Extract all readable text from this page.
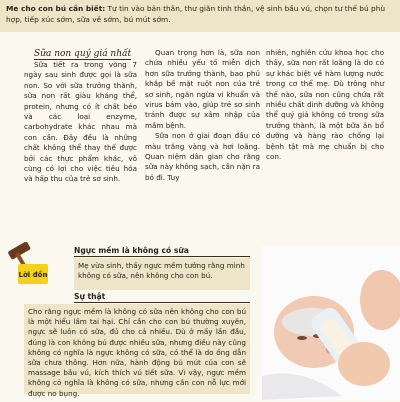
Me cho con bú cần biết: Tự tin vào bản thân, thư giãn tinh thần, vệ sinh bầu vú, chọn tư thế bú phù hợp, tiếp xúc sớm, sữa về sớm, bú mút sớm.

Sữa non quý giá nhất

Sữa tiết ra trong vòng 7 ngày sau sinh được gọi là sữa non. So với sữa trưởng thành, sữa non rất giàu kháng thể, protein, nhưng có ít chất béo và các loại enzyme, carbohydrate khác nhau mà con cần. Đây đều là những chất không thể thay thế được bởi các thực phẩm khác, vô cùng có lợi cho việc tiêu hóa và hấp thu của trẻ sơ sinh.

Quan trọng hơn là, sữa non chứa nhiều yếu tố miễn dịch hơn sữa trưởng thành, bao phủ khắp bề mặt ruột non của trẻ sơ sinh, ngăn ngừa vi khuẩn và virus bám vào, giúp trẻ sơ sinh tránh được sự xâm nhập của mầm bệnh.

Sữa non ở giai đoạn đầu có màu trắng vàng và hơi loãng. Quan niệm dân gian cho rằng sữa này không sạch, cần nặn ra bỏ đi. Tuy

nhiên, nghiên cứu khoa học cho thấy, sữa non rất loãng là do có sự khác biệt về hàm lượng nước trong cơ thể mẹ. Dù trông như thế nào, sữa non cũng chứa rất nhiều chất dinh dưỡng và không thể quý giá không có trong sữa trưởng thành, là một bữa ăn bổ dưỡng và hàng rào chống lại bệnh tật mà mẹ chuẩn bị cho con.

Lời đồn
Ngực mềm là không có sữa

Mẹ vừa sinh, thấy ngực mềm tưởng rằng mình không có sữa, nên không cho con bú.

Sự thật

Cho rằng ngực mềm là không có sữa nên không cho con bú là một hiểu lầm tai hại. Chỉ cần cho con bú thường xuyên, ngực sẽ luôn có sữa, đủ cho cả nhiều. Dù ở mấy lần đầu, đúng là con không bú được nhiều sữa, nhưng điều này cũng không có nghĩa là ngực không có sữa, có thể là do ống dẫn sữa chưa thông. Hơn nữa, hành động bú mút của con sẽ massage bầu vú, kích thích vú tiết sữa. Vì vậy, ngực mềm không có nghĩa là không có sữa, nhưng cần con nỗ lực mới được no bụng.
